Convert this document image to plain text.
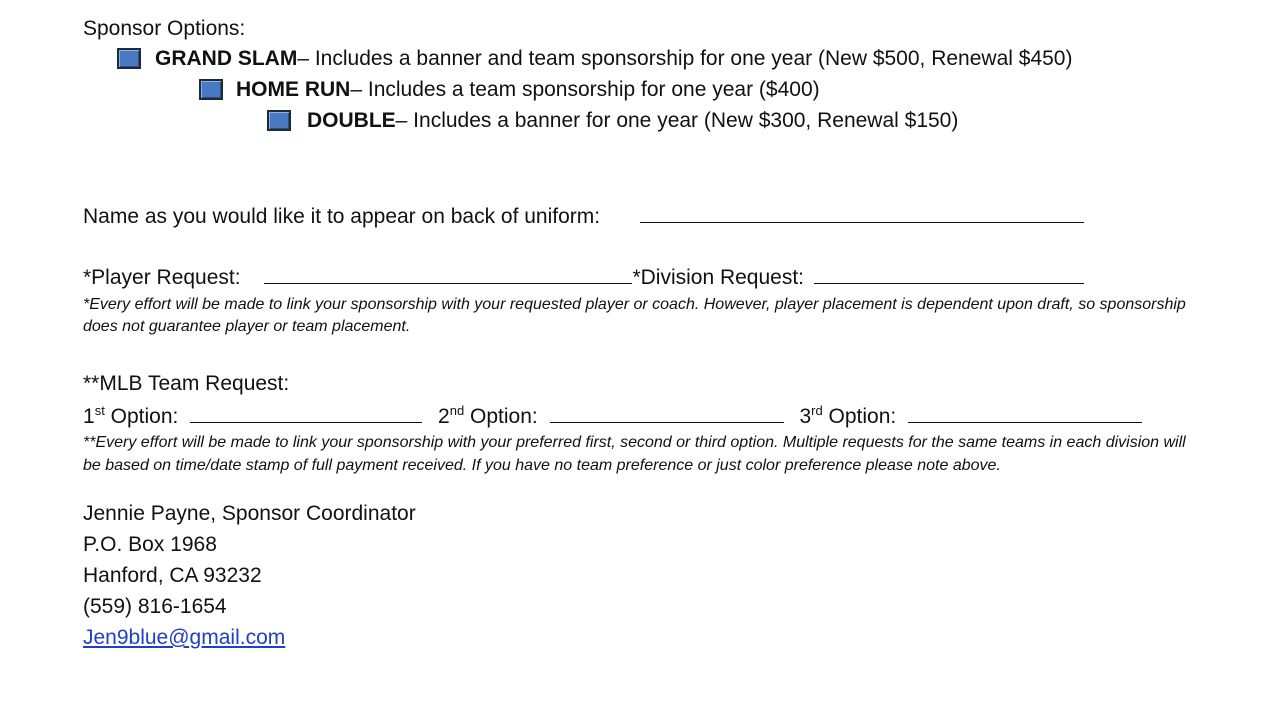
Sponsor Options:
GRAND SLAM – Includes a banner and team sponsorship for one year (New $500, Renewal $450)
HOME RUN – Includes a team sponsorship for one year ($400)
DOUBLE – Includes a banner for one year (New $300, Renewal $150)
Name as you would like it to appear on back of uniform:
*Player Request:	*Division Request:
*Every effort will be made to link your sponsorship with your requested player or coach. However, player placement is dependent upon draft, so sponsorship does not guarantee player or team placement.
**MLB Team Request:
1st Option:	2nd Option:	3rd Option:
**Every effort will be made to link your sponsorship with your preferred first, second or third option. Multiple requests for the same teams in each division will be based on time/date stamp of full payment received. If you have no team preference or just color preference please note above.
Jennie Payne, Sponsor Coordinator
P.O. Box 1968
Hanford, CA 93232
(559) 816-1654
Jen9blue@gmail.com
